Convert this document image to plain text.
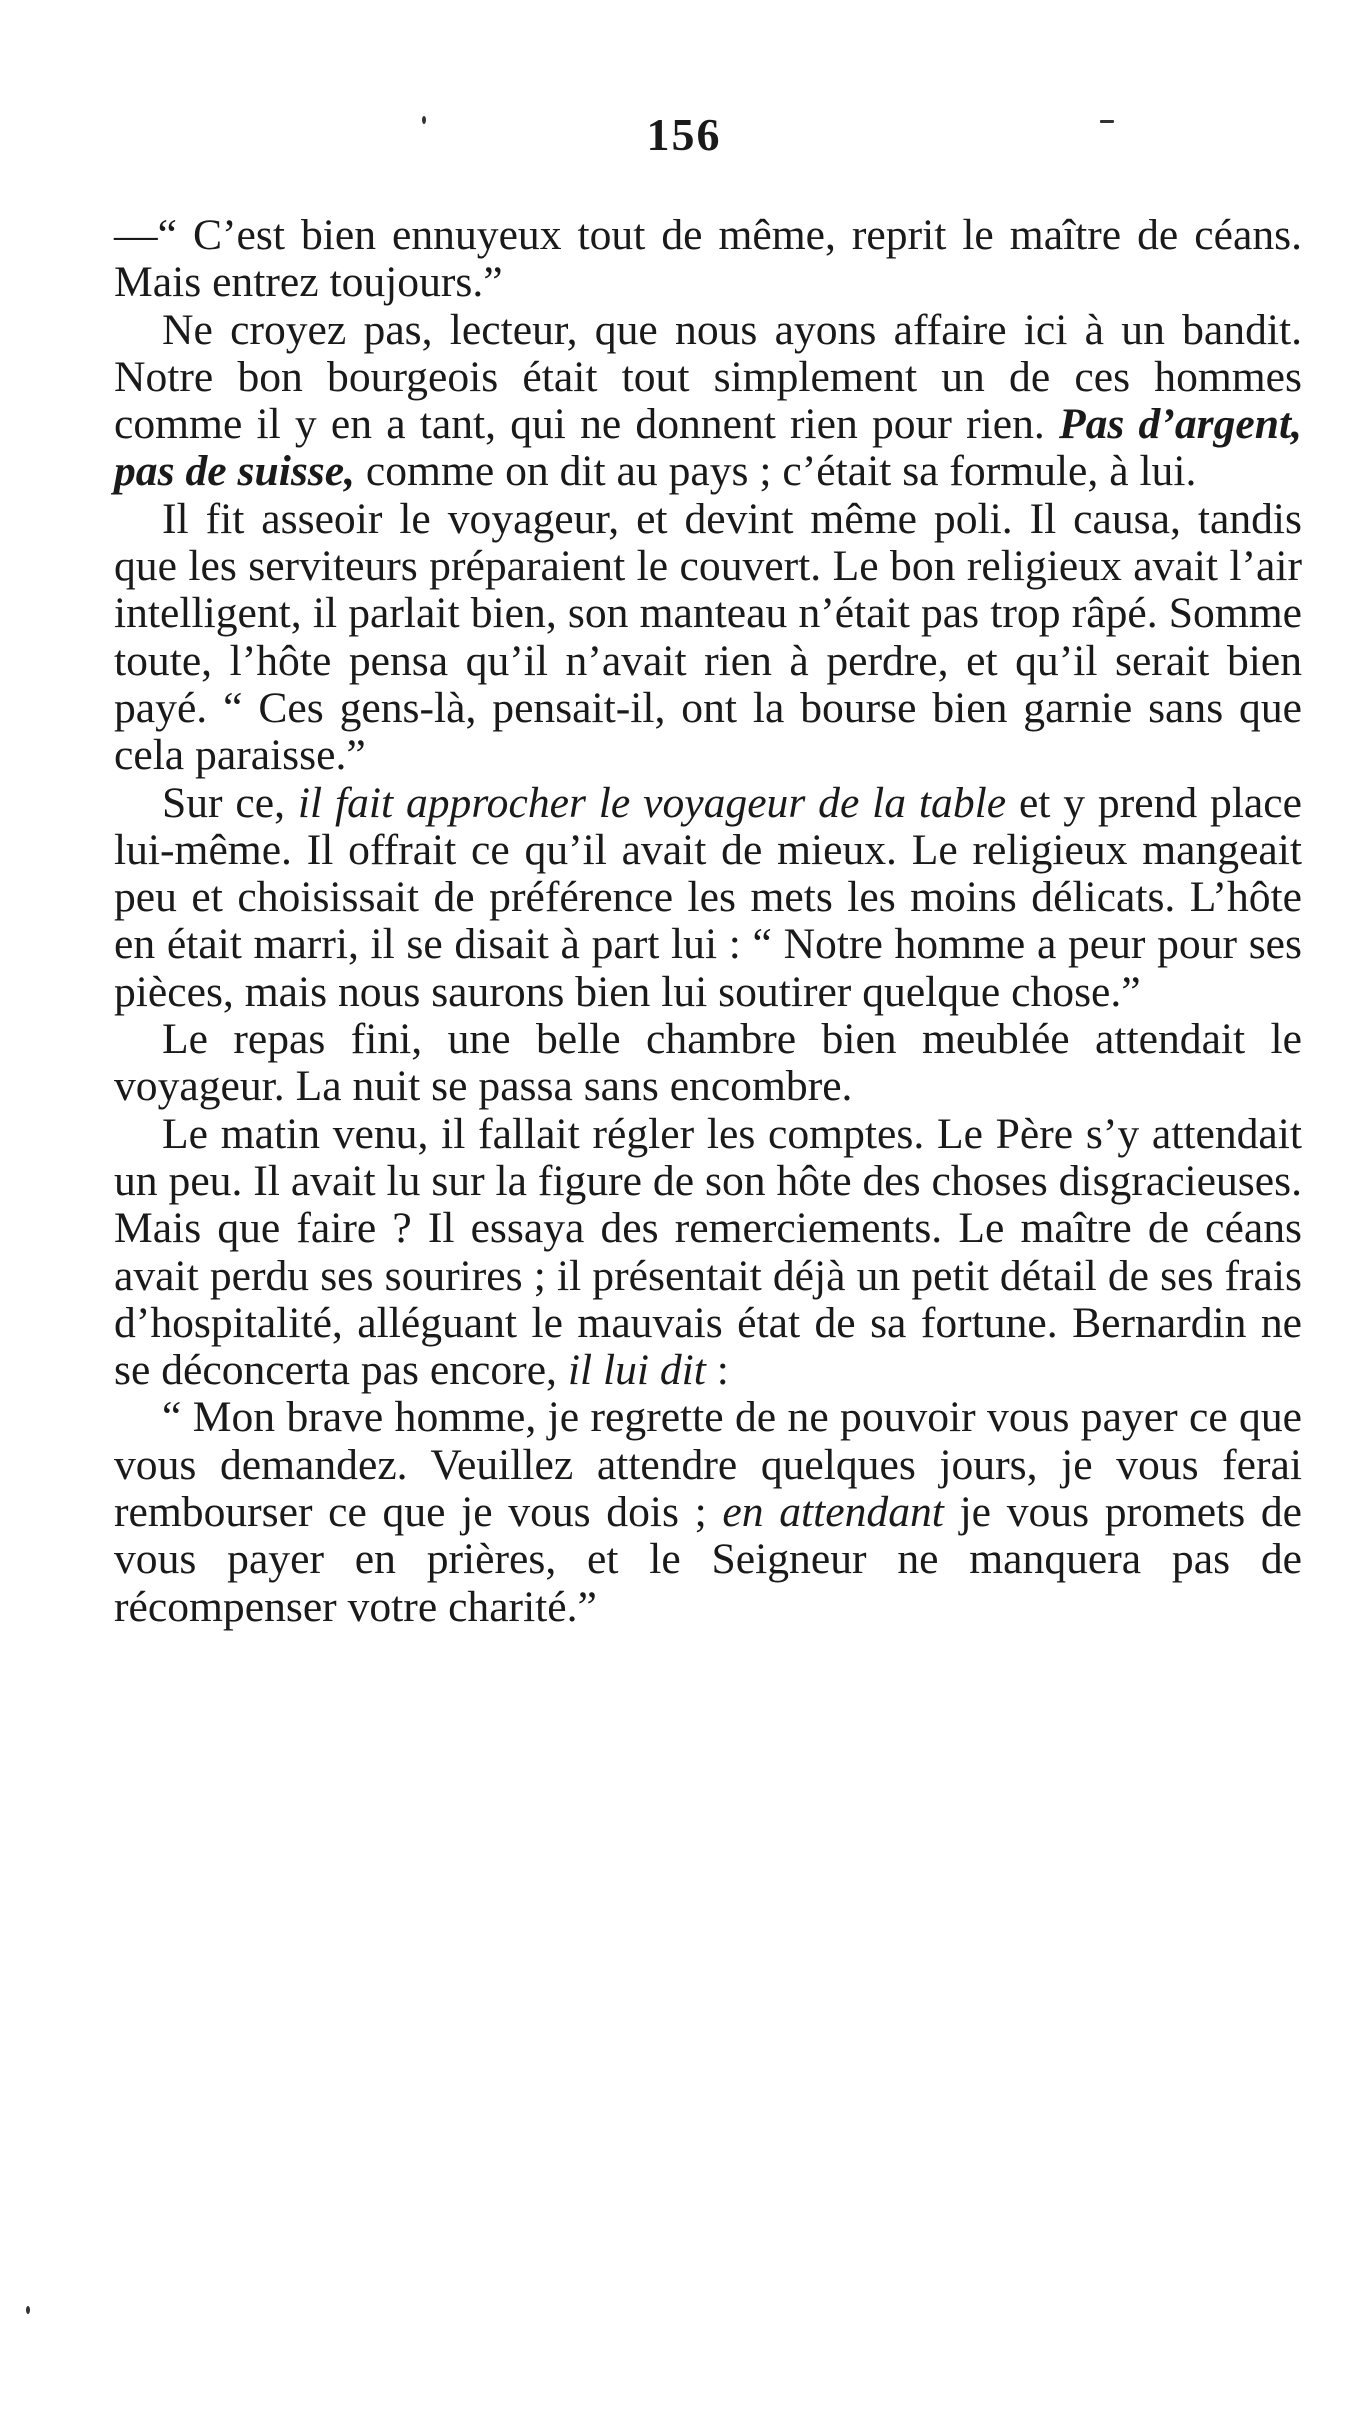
156

—“ C’est bien ennuyeux tout de même, reprit le maître de céans. Mais entrez toujours.”

Ne croyez pas, lecteur, que nous ayons affaire ici à un bandit. Notre bon bourgeois était tout simplement un de ces hommes comme il y en a tant, qui ne donnent rien pour rien. Pas d’argent, pas de suisse, comme on dit au pays ; c’était sa formule, à lui.

Il fit asseoir le voyageur, et devint même poli. Il causa, tandis que les serviteurs préparaient le couvert. Le bon religieux avait l’air intelligent, il parlait bien, son manteau n’était pas trop râpé. Somme toute, l’hôte pensa qu’il n’avait rien à perdre, et qu’il serait bien payé. “ Ces gens-là, pensait-il, ont la bourse bien garnie sans que cela paraisse.”

Sur ce, il fait approcher le voyageur de la table et y prend place lui-même. Il offrait ce qu’il avait de mieux. Le religieux mangeait peu et choisissait de préférence les mets les moins délicats. L’hôte en était marri, il se disait à part lui : “ Notre homme a peur pour ses pièces, mais nous saurons bien lui soutirer quelque chose.”

Le repas fini, une belle chambre bien meublée attendait le voyageur. La nuit se passa sans encombre.

Le matin venu, il fallait régler les comptes. Le Père s’y attendait un peu. Il avait lu sur la figure de son hôte des choses disgracieuses. Mais que faire ? Il essaya des remerciements. Le maître de céans avait perdu ses sourires ; il présentait déjà un petit détail de ses frais d’hospitalité, alléguant le mauvais état de sa fortune. Bernardin ne se déconcerta pas encore, il lui dit :

“ Mon brave homme, je regrette de ne pouvoir vous payer ce que vous demandez. Veuillez attendre quelques jours, je vous ferai rembourser ce que je vous dois ; en attendant je vous promets de vous payer en prières, et le Seigneur ne manquera pas de récompenser votre charité.”
